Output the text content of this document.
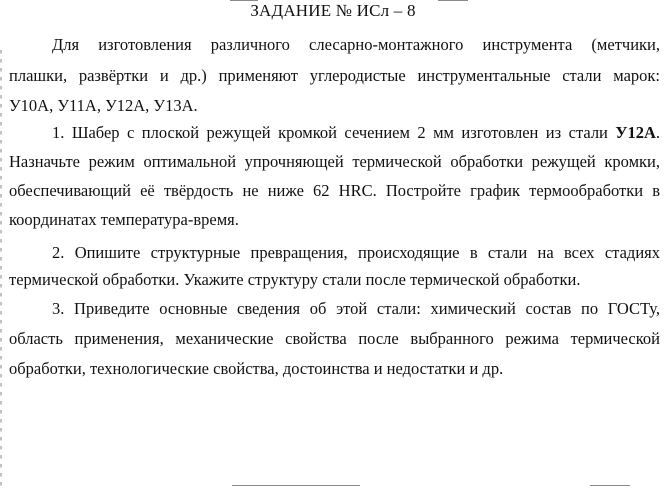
ЗАДАНИЕ № ИСл – 8
Для изготовления различного слесарно-монтажного инструмента (метчики,
плашки, развёртки и др.) применяют углеродистые инструментальные стали марок:
У10А, У11А, У12А, У13А.
1. Шабер с плоской режущей кромкой сечением 2 мм изготовлен из стали У12А.
Назначьте режим оптимальной упрочняющей термической обработки режущей кромки,
обеспечивающий её твёрдость не ниже 62 HRC. Постройте график термообработки в
координатах температура-время.
2. Опишите структурные превращения, происходящие в стали на всех стадиях
термической обработки. Укажите структуру стали после термической обработки.
3. Приведите основные сведения об этой стали: химический состав по ГОСТу,
область применения, механические свойства после выбранного режима термической
обработки, технологические свойства, достоинства и недостатки и др.
